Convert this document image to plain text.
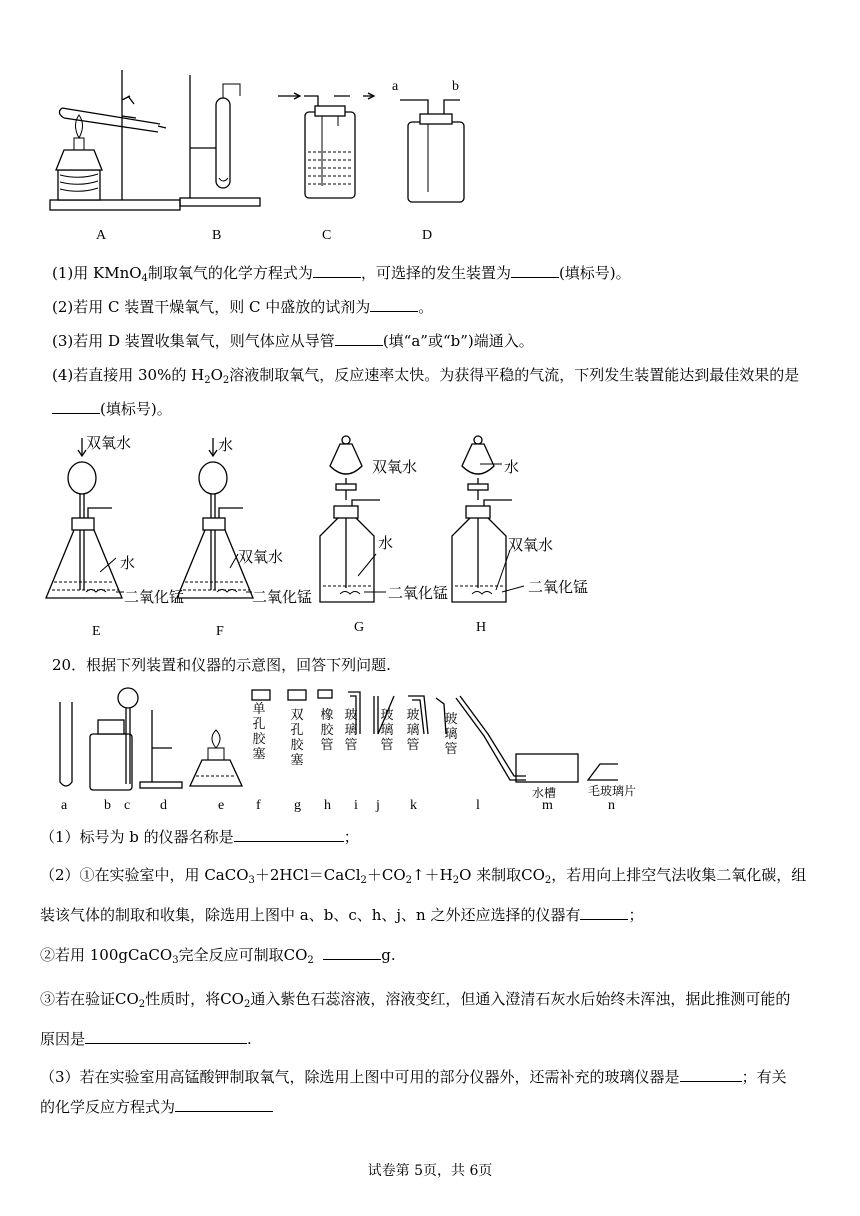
a	b
A	B	C	D
(1)用 KMnO$_4$制取氧气的化学方程式为	，可选择的发生装置为	(填标号)。
(2)若用 C 装置干燥氧气，则 C 中盛放的试剂为	。
(3)若用 D 装置收集氧气，则气体应从导管	(填“a”或“b”)端通入。
(4)若直接用 30%的 $H_2O_2$溶液制取氧气，反应速率太快。为获得平稳的气流，下列发生装置能达到最佳效果的是
(填标号)。
双氧水
水
二氧化锰
水
双氧水
二氧化锰
双氧水
水
二氧化锰
水
双氧水
二氧化锰
E	F	G	H
20．根据下列装置和仪器的示意图，回答下列问题.
单孔胶塞
双孔胶塞
橡胶管
玻璃管
玻璃管
玻璃管
玻璃管
水槽	毛玻璃片
a	b c d	e f g h i j k	l	m	n
（1）标号为 b 的仪器名称是	；
（2）①在实验室中，用 $CaCO_3+2HCl=CaCl_2+CO_2↑+H_2O$ 来制取$CO_2$，若用向上排空气法收集二氧化碳，组
装该气体的制取和收集，除选用上图中 a、b、c、h、j、n 之外还应选择的仪器有	；
②若用 100gCaCO$_3$完全反应可制取$CO_2$	g.
③若在验证$CO_2$性质时，将$CO_2$通入紫色石蕊溶液，溶液变红，但通入澄清石灰水后始终未浑浊，据此推测可能的
原因是	.
（3）若在实验室用高锰酸钾制取氧气，除选用上图中可用的部分仪器外，还需补充的玻璃仪器是	；有关
的化学反应方程式为
试卷第 5页，共 6页
